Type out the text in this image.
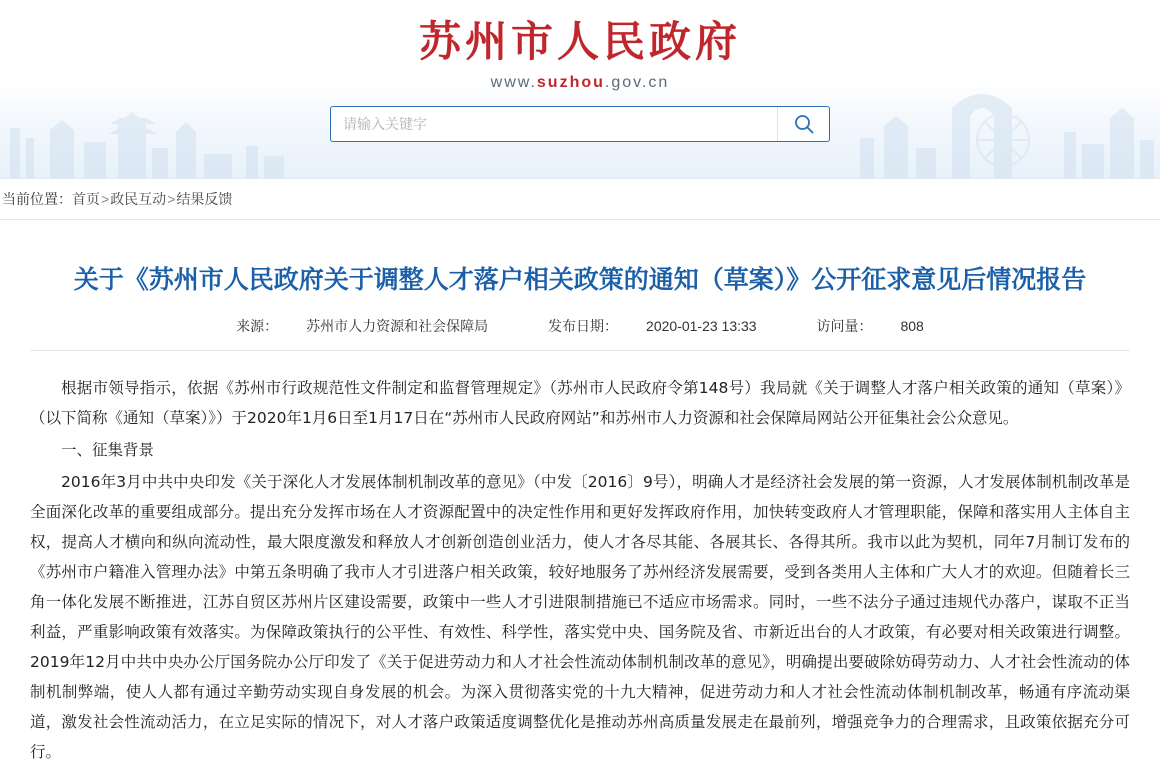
苏州市人民政府
www.suzhou.gov.cn
请输入关键字
当前位置： 首页 > 政民互动 > 结果反馈
关于《苏州市人民政府关于调整人才落户相关政策的通知（草案）》公开征求意见后情况报告
来源： 苏州市人力资源和社会保障局	发布日期： 2020-01-23 13:33	访问量： 808

根据市领导指示，依据《苏州市行政规范性文件制定和监督管理规定》（苏州市人民政府令第148号）我局就《关于调整人才落户相关政策的通知（草案）》（以下简称《通知（草案）》）于2020年1月6日至1月17日在“苏州市人民政府网站”和苏州市人力资源和社会保障局网站公开征集社会公众意见。

一、征集背景

2016年3月中共中央印发《关于深化人才发展体制机制改革的意见》（中发〔2016〕9号），明确人才是经济社会发展的第一资源，人才发展体制机制改革是全面深化改革的重要组成部分。提出充分发挥市场在人才资源配置中的决定性作用和更好发挥政府作用，加快转变政府人才管理职能，保障和落实用人主体自主权，提高人才横向和纵向流动性，最大限度激发和释放人才创新创造创业活力，使人才各尽其能、各展其长、各得其所。我市以此为契机，同年7月制订发布的《苏州市户籍准入管理办法》中第五条明确了我市人才引进落户相关政策，较好地服务了苏州经济发展需要，受到各类用人主体和广大人才的欢迎。但随着长三角一体化发展不断推进，江苏自贸区苏州片区建设需要，政策中一些人才引进限制措施已不适应市场需求。同时，一些不法分子通过违规代办落户，谋取不正当利益，严重影响政策有效落实。为保障政策执行的公平性、有效性、科学性，落实党中央、国务院及省、市新近出台的人才政策，有必要对相关政策进行调整。2019年12月中共中央办公厅国务院办公厅印发了《关于促进劳动力和人才社会性流动体制机制改革的意见》，明确提出要破除妨碍劳动力、人才社会性流动的体制机制弊端，使人人都有通过辛勤劳动实现自身发展的机会。为深入贯彻落实党的十九大精神，促进劳动力和人才社会性流动体制机制改革，畅通有序流动渠道，激发社会性流动活力，在立足实际的情况下，对人才落户政策适度调整优化是推动苏州高质量发展走在最前列，增强竞争力的合理需求，且政策依据充分可行。
